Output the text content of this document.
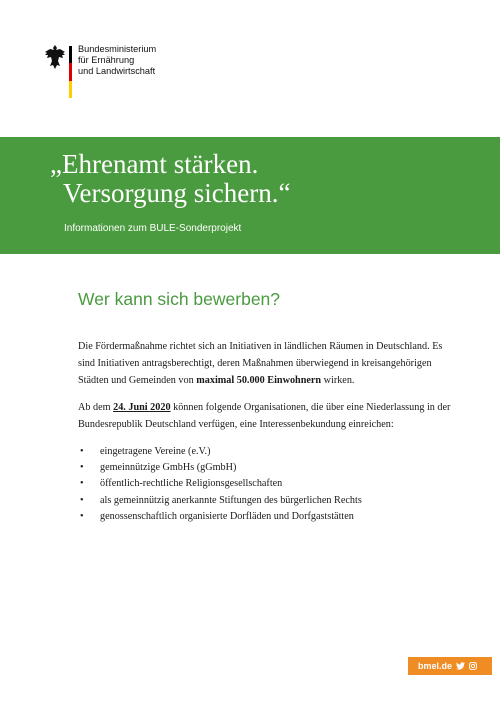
Bundesministerium
für Ernährung
und Landwirtschaft
„Ehrenamt stärken.
Versorgung sichern.“
Informationen zum BULE-Sonderprojekt
Wer kann sich bewerben?

Die Fördermaßnahme richtet sich an Initiativen in ländlichen Räumen in Deutschland. Es sind Initiativen antragsberechtigt, deren Maßnahmen überwiegend in kreisangehörigen Städten und Gemeinden von maximal 50.000 Einwohnern wirken.

Ab dem 24. Juni 2020 können folgende Organisationen, die über eine Niederlassung in der Bundesrepublik Deutschland verfügen, eine Interessenbekundung einreichen:

• eingetragene Vereine (e.V.)
• gemeinnützige GmbHs (gGmbH)
• öffentlich-rechtliche Religionsgesellschaften
• als gemeinnützig anerkannte Stiftungen des bürgerlichen Rechts
• genossenschaftlich organisierte Dorfläden und Dorfgaststätten
bmel.de
